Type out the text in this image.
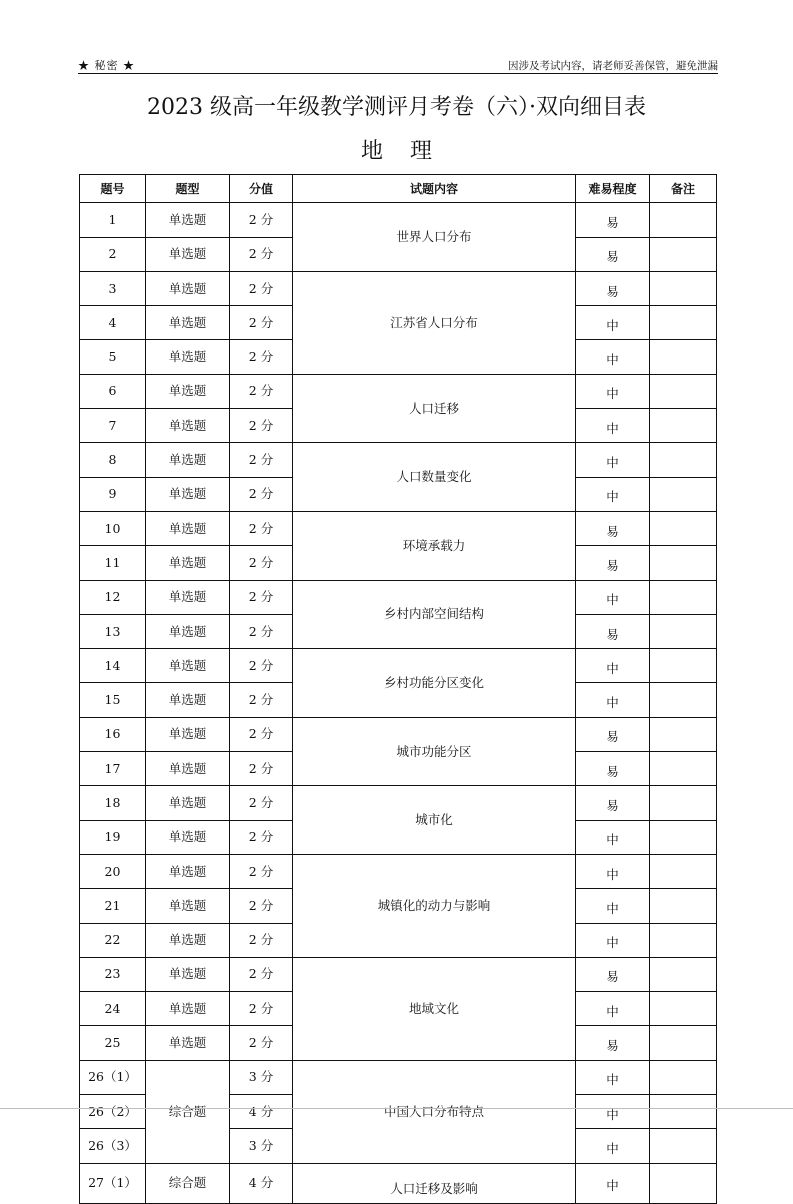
★ 秘密 ★	因涉及考试内容，请老师妥善保管，避免泄漏
2023 级高一年级教学测评月考卷（六）·双向细目表
地 理
题号	题型	分值	试题内容	难易程度	备注
1	单选题	2 分	世界人口分布	易	
2	单选题	2 分		易	
3	单选题	2 分	江苏省人口分布	易	
4	单选题	2 分		中	
5	单选题	2 分		中	
6	单选题	2 分	人口迁移	中	
7	单选题	2 分		中	
8	单选题	2 分	人口数量变化	中	
9	单选题	2 分		中	
10	单选题	2 分	环境承载力	易	
11	单选题	2 分		易	
12	单选题	2 分	乡村内部空间结构	中	
13	单选题	2 分		易	
14	单选题	2 分	乡村功能分区变化	中	
15	单选题	2 分		中	
16	单选题	2 分	城市功能分区	易	
17	单选题	2 分		易	
18	单选题	2 分	城市化	易	
19	单选题	2 分		中	
20	单选题	2 分	城镇化的动力与影响	中	
21	单选题	2 分		中	
22	单选题	2 分		中	
23	单选题	2 分	地域文化	易	
24	单选题	2 分		中	
25	单选题	2 分		易	
26（1）	综合题	3 分	中国人口分布特点	中	
26（2）		4 分		中	
26（3）		3 分		中	
27（1）	综合题	4 分	人口迁移及影响	中	
